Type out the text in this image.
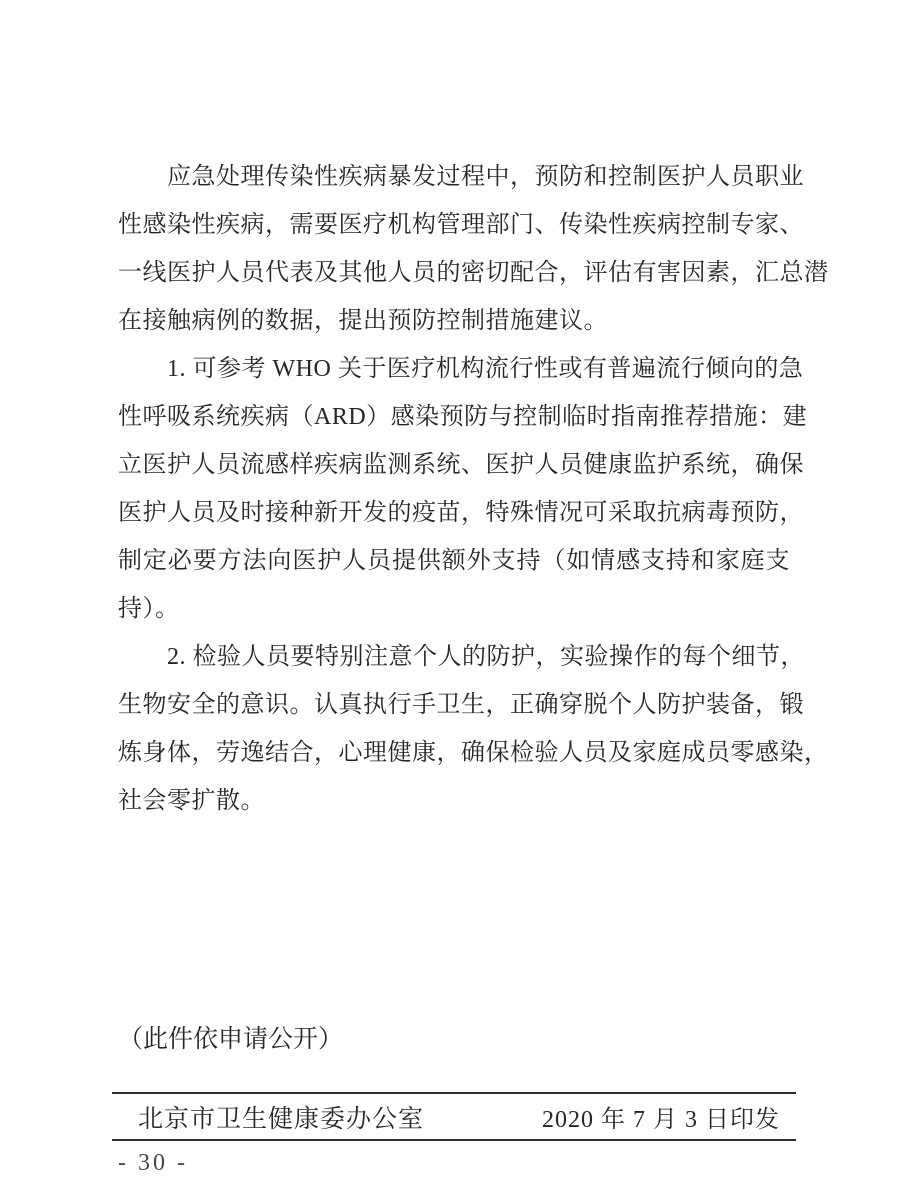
应急处理传染性疾病暴发过程中，预防和控制医护人员职业
性感染性疾病，需要医疗机构管理部门、传染性疾病控制专家、
一线医护人员代表及其他人员的密切配合，评估有害因素，汇总潜
在接触病例的数据，提出预防控制措施建议。
1. 可参考 WHO 关于医疗机构流行性或有普遍流行倾向的急
性呼吸系统疾病（ARD）感染预防与控制临时指南推荐措施：建
立医护人员流感样疾病监测系统、医护人员健康监护系统，确保
医护人员及时接种新开发的疫苗，特殊情况可采取抗病毒预防，
制定必要方法向医护人员提供额外支持（如情感支持和家庭支
持）。
2. 检验人员要特别注意个人的防护，实验操作的每个细节，
生物安全的意识。认真执行手卫生，正确穿脱个人防护装备，锻
炼身体，劳逸结合，心理健康，确保检验人员及家庭成员零感染，
社会零扩散。

（此件依申请公开）

北京市卫生健康委办公室	2020 年 7 月 3 日印发
- 30 -
